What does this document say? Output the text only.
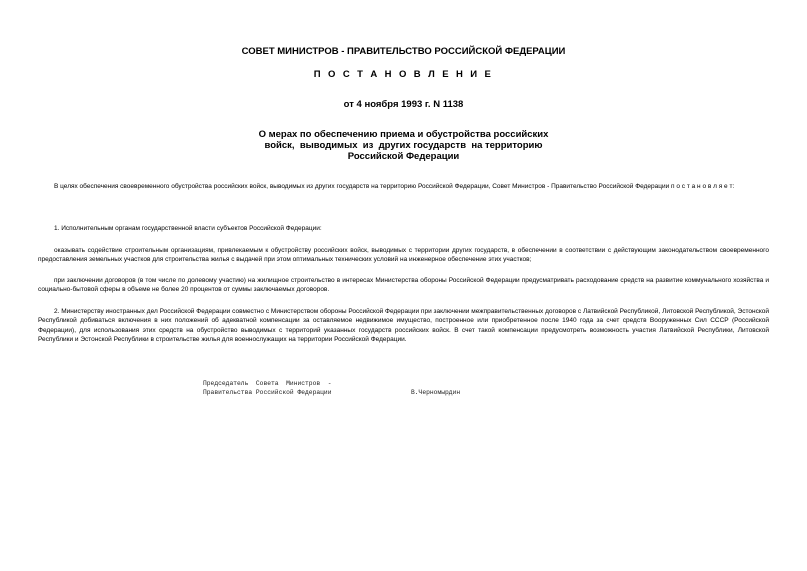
СОВЕТ МИНИСТРОВ - ПРАВИТЕЛЬСТВО РОССИЙСКОЙ ФЕДЕРАЦИИ
П О С Т А Н О В Л Е Н И Е
от 4 ноября 1993 г. N 1138
О мерах по обеспечению приема и обустройства российских
войск,  выводимых  из  других государств  на территорию
Российской Федерации
В целях обеспечения своевременного обустройства российских войск, выводимых из других государств на территорию Российской Федерации, Совет Министров - Правительство Российской Федерации п о с т а н о в л я е т:
1. Исполнительным органам государственной власти субъектов Российской Федерации:
оказывать содействие строительным организациям, привлекаемым к обустройству российских войск, выводимых с территории других государств, в обеспечении в соответствии с действующим законодательством своевременного предоставления земельных участков для строительства жилья с выдачей при этом оптимальных технических условий на инженерное обеспечение этих участков;
при заключении договоров (в том числе по долевому участию) на жилищное строительство в интересах Министерства обороны Российской Федерации предусматривать расходование средств на развитие коммунального хозяйства и социально-бытовой сферы в объеме не более 20 процентов от суммы заключаемых договоров.
2. Министерству иностранных дел Российской Федерации совместно с Министерством обороны Российской Федерации при заключении межправительственных договоров с Латвийской Республикой, Литовской Республикой, Эстонской Республикой добиваться включения в них положений об адекватной компенсации за оставляемое недвижимое имущество, построенное или приобретенное после 1940 года за счет средств Вооруженных Сил СССР (Российской Федерации), для использования этих средств на обустройство выводимых с территорий указанных государств российских войск. В счет такой компенсации предусмотреть возможность участия Латвийской Республики, Литовской Республики и Эстонской Республики в строительстве жилья для военнослужащих на территории Российской Федерации.
Председатель  Совета  Министров  -
Правительства Российской Федерации	В.Черномырдин
